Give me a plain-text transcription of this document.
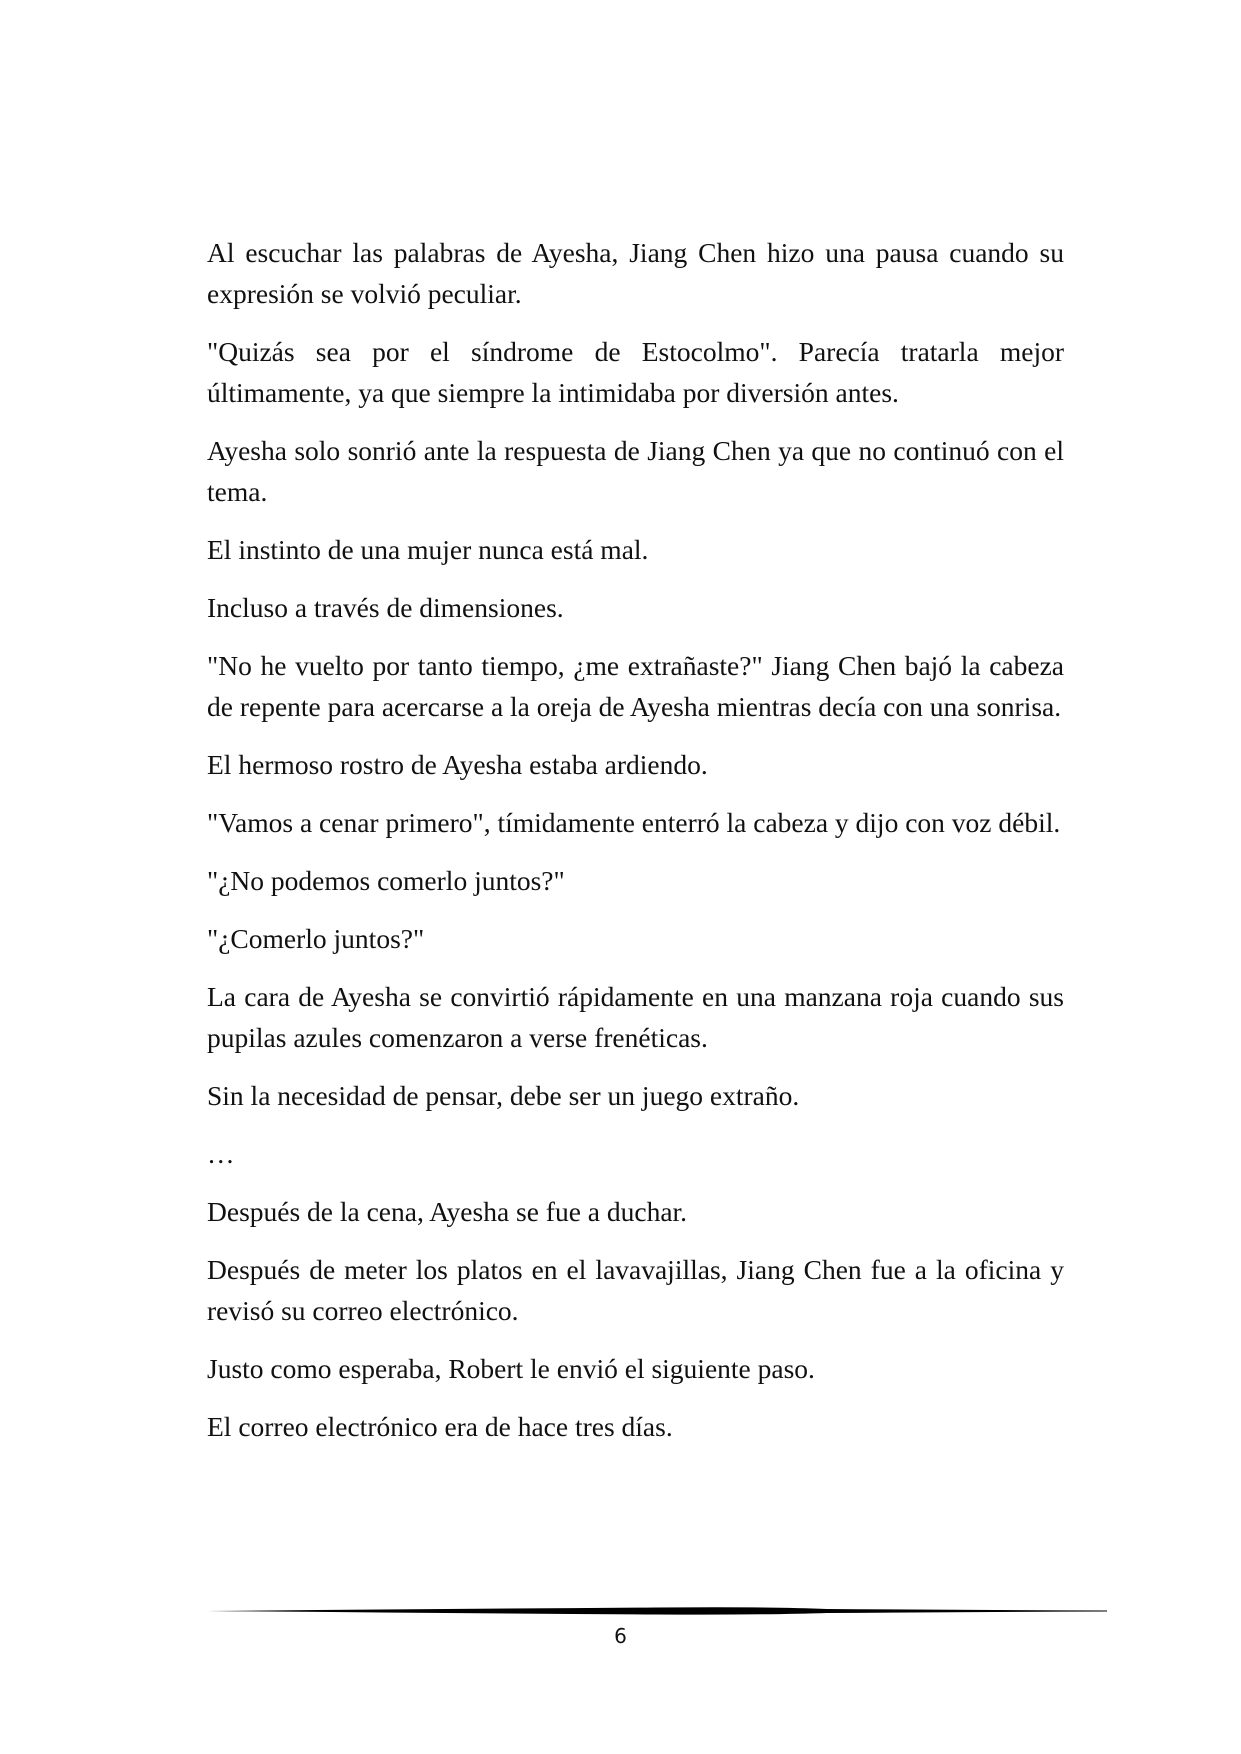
Al escuchar las palabras de Ayesha, Jiang Chen hizo una pausa cuando su expresión se volvió peculiar.

"Quizás sea por el síndrome de Estocolmo". Parecía tratarla mejor últimamente, ya que siempre la intimidaba por diversión antes.

Ayesha solo sonrió ante la respuesta de Jiang Chen ya que no continuó con el tema.

El instinto de una mujer nunca está mal.

Incluso a través de dimensiones.

"No he vuelto por tanto tiempo, ¿me extrañaste?" Jiang Chen bajó la cabeza de repente para acercarse a la oreja de Ayesha mientras decía con una sonrisa.

El hermoso rostro de Ayesha estaba ardiendo.

"Vamos a cenar primero", tímidamente enterró la cabeza y dijo con voz débil.

"¿No podemos comerlo juntos?"

"¿Comerlo juntos?"

La cara de Ayesha se convirtió rápidamente en una manzana roja cuando sus pupilas azules comenzaron a verse frenéticas.

Sin la necesidad de pensar, debe ser un juego extraño.

…

Después de la cena, Ayesha se fue a duchar.

Después de meter los platos en el lavavajillas, Jiang Chen fue a la oficina y revisó su correo electrónico.

Justo como esperaba, Robert le envió el siguiente paso.

El correo electrónico era de hace tres días.

6
